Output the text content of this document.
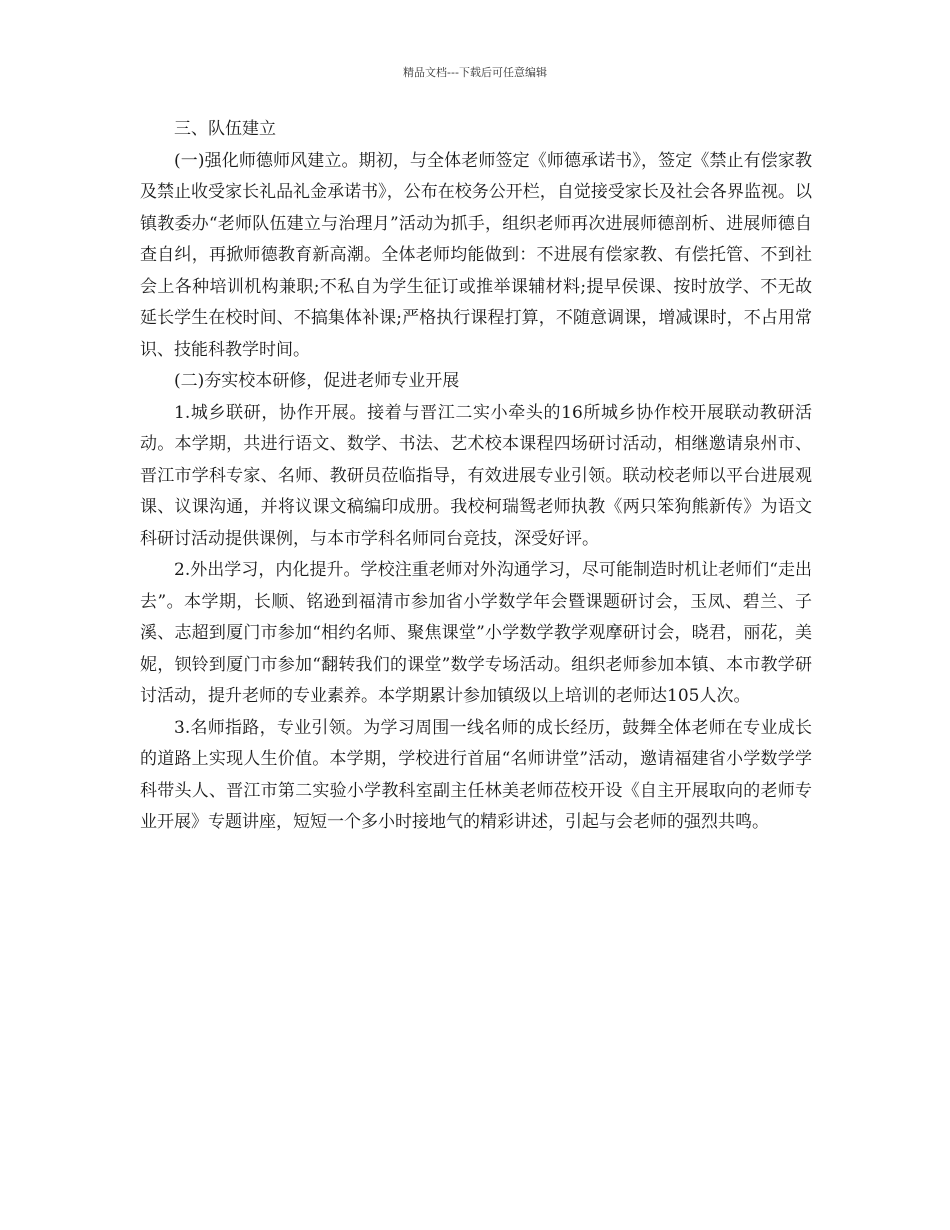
精品文档---下载后可任意编辑

三、队伍建立

(一)强化师德师风建立。期初，与全体老师签定《师德承诺书》，签定《禁止有偿家教及禁止收受家长礼品礼金承诺书》，公布在校务公开栏，自觉接受家长及社会各界监视。以镇教委办“老师队伍建立与治理月”活动为抓手，组织老师再次进展师德剖析、进展师德自查自纠，再掀师德教育新高潮。全体老师均能做到：不进展有偿家教、有偿托管、不到社会上各种培训机构兼职;不私自为学生征订或推举课辅材料;提早侯课、按时放学、不无故延长学生在校时间、不搞集体补课;严格执行课程打算，不随意调课，增减课时，不占用常识、技能科教学时间。

(二)夯实校本研修，促进老师专业开展

1.城乡联研，协作开展。接着与晋江二实小牵头的16所城乡协作校开展联动教研活动。本学期，共进行语文、数学、书法、艺术校本课程四场研讨活动，相继邀请泉州市、晋江市学科专家、名师、教研员莅临指导，有效进展专业引领。联动校老师以平台进展观课、议课沟通，并将议课文稿编印成册。我校柯瑞鸳老师执教《两只笨狗熊新传》为语文科研讨活动提供课例，与本市学科名师同台竞技，深受好评。

2.外出学习，内化提升。学校注重老师对外沟通学习，尽可能制造时机让老师们“走出去”。本学期，长顺、铭逊到福清市参加省小学数学年会暨课题研讨会，玉凤、碧兰、子溪、志超到厦门市参加“相约名师、聚焦课堂”小学数学教学观摩研讨会，晓君，丽花，美妮，钡铃到厦门市参加“翻转我们的课堂”数学专场活动。组织老师参加本镇、本市教学研讨活动，提升老师的专业素养。本学期累计参加镇级以上培训的老师达105人次。

3.名师指路，专业引领。为学习周围一线名师的成长经历，鼓舞全体老师在专业成长的道路上实现人生价值。本学期，学校进行首届“名师讲堂”活动，邀请福建省小学数学学科带头人、晋江市第二实验小学教科室副主任林美老师莅校开设《自主开展取向的老师专业开展》专题讲座，短短一个多小时接地气的精彩讲述，引起与会老师的强烈共鸣。
